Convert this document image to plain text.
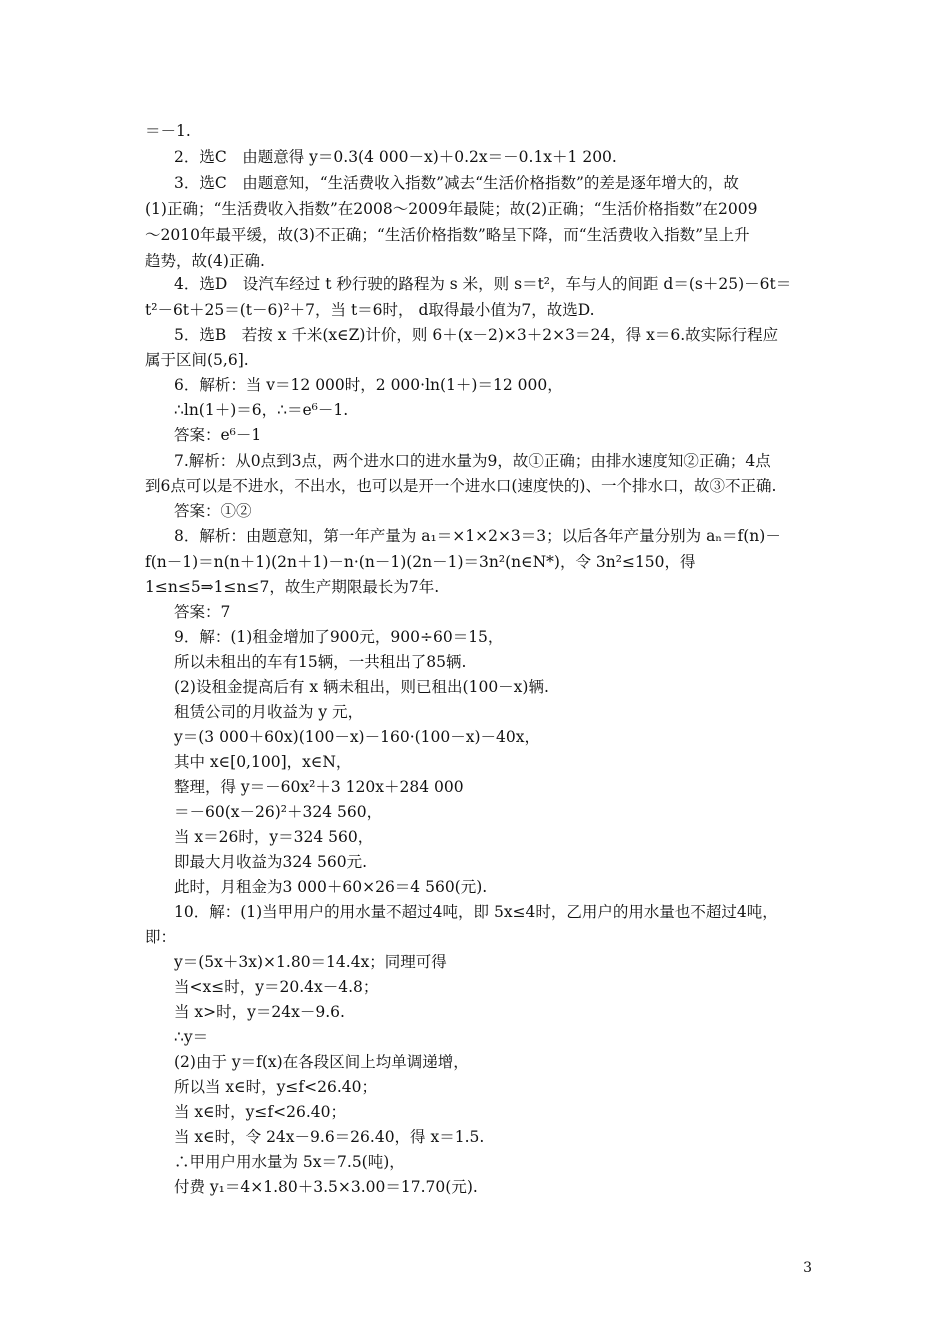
＝－1.
2．选C　由题意得 y＝0.3(4 000－x)＋0.2x＝－0.1x＋1 200.
3．选C　由题意知，“生活费收入指数”减去“生活价格指数”的差是逐年增大的，故
(1)正确；“生活费收入指数”在2008～2009年最陡；故(2)正确；“生活价格指数”在2009
～2010年最平缓，故(3)不正确；“生活价格指数”略呈下降，而“生活费收入指数”呈上升
趋势，故(4)正确.
4．选D　设汽车经过 t 秒行驶的路程为 s 米，则 s＝t²，车与人的间距 d＝(s＋25)－6t＝
t²－6t＋25＝(t－6)²＋7，当 t＝6时， d取得最小值为7，故选D.
5．选B　若按 x 千米(x∈Z)计价，则 6＋(x－2)×3＋2×3＝24，得 x＝6.故实际行程应
属于区间(5,6].
6．解析：当 v＝12 000时，2 000·ln(1＋)＝12 000，
∴ln(1＋)＝6，∴＝e⁶－1.
答案：e⁶－1
7.解析：从0点到3点，两个进水口的进水量为9，故①正确；由排水速度知②正确；4点
到6点可以是不进水，不出水，也可以是开一个进水口(速度快的)、一个排水口，故③不正确.
答案：①②
8．解析：由题意知，第一年产量为 a₁＝×1×2×3＝3；以后各年产量分别为 aₙ＝f(n)－
f(n－1)＝n(n＋1)(2n＋1)－n·(n－1)(2n－1)＝3n²(n∈N*)，令 3n²≤150，得
1≤n≤5⇒1≤n≤7，故生产期限最长为7年.
答案：7
9．解：(1)租金增加了900元，900÷60＝15，
所以未租出的车有15辆，一共租出了85辆.
(2)设租金提高后有 x 辆未租出，则已租出(100－x)辆.
租赁公司的月收益为 y 元，
y＝(3 000＋60x)(100－x)－160·(100－x)－40x，
其中 x∈[0,100]，x∈N，
整理，得 y＝－60x²＋3 120x＋284 000
＝－60(x－26)²＋324 560，
当 x＝26时，y＝324 560，
即最大月收益为324 560元.
此时，月租金为3 000＋60×26＝4 560(元).
10．解：(1)当甲用户的用水量不超过4吨，即 5x≤4时，乙用户的用水量也不超过4吨，
即：
y＝(5x＋3x)×1.80＝14.4x；同理可得
当<x≤时，y＝20.4x－4.8；
当 x>时，y＝24x－9.6.
∴y＝
(2)由于 y＝f(x)在各段区间上均单调递增，
所以当 x∈时，y≤f<26.40；
当 x∈时，y≤f<26.40；
当 x∈时，令 24x－9.6＝26.40，得 x＝1.5.
∴甲用户用水量为 5x＝7.5(吨)，
付费 y₁＝4×1.80＋3.5×3.00＝17.70(元).
3
